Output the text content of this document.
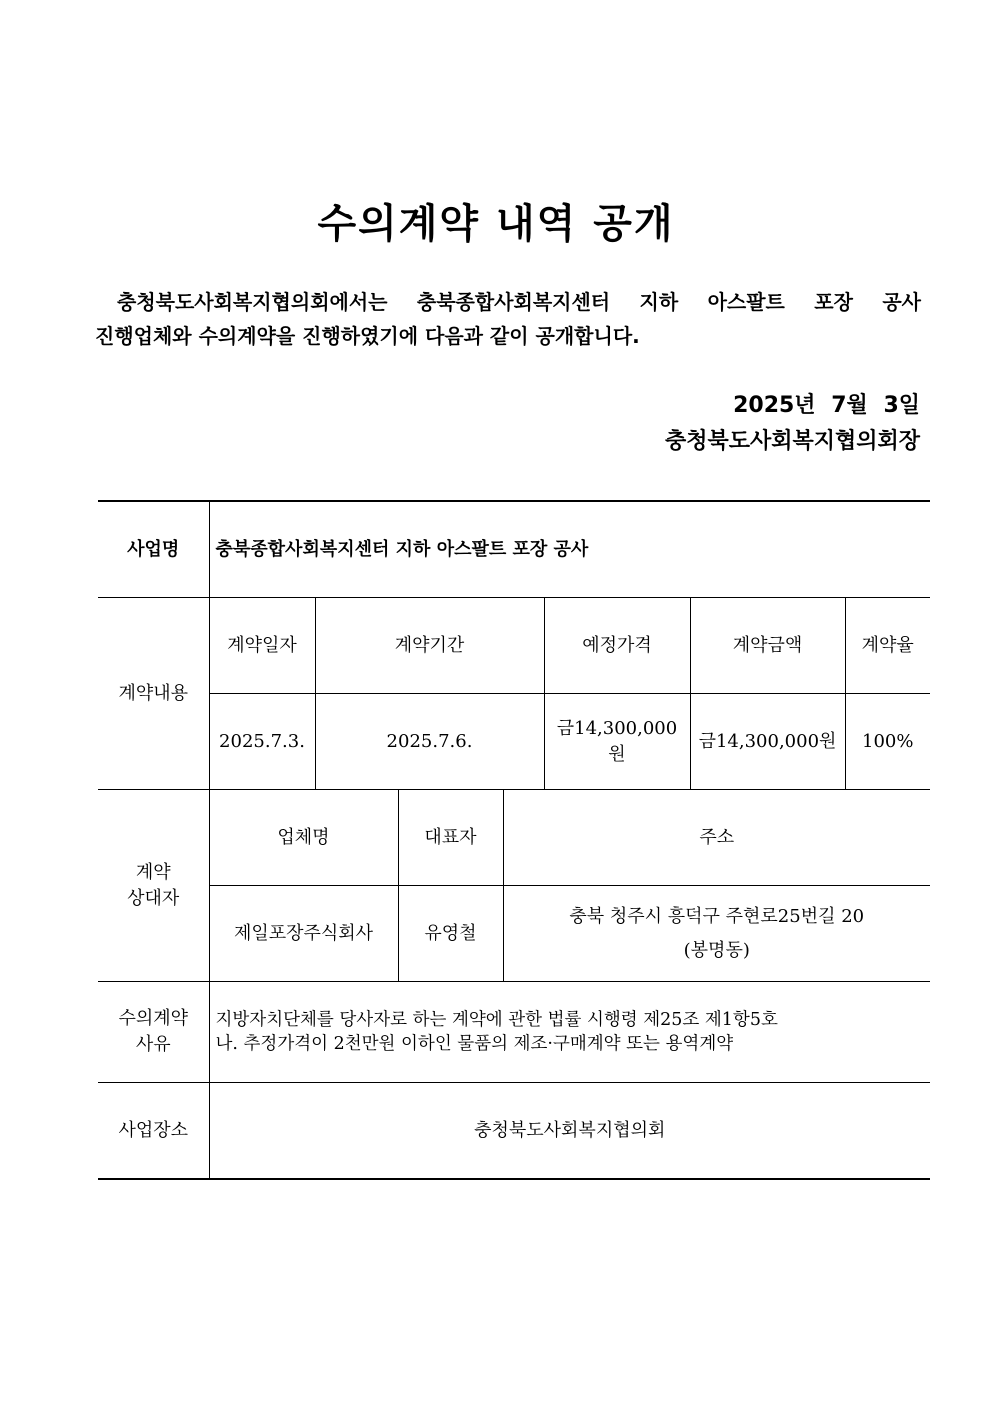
수의계약 내역 공개
충청북도사회복지협의회에서는 충북종합사회복지센터 지하 아스팔트 포장 공사
진행업체와 수의계약을 진행하였기에 다음과 같이 공개합니다.
2025년 7월 3일
충청북도사회복지협의회장
사업명	충북종합사회복지센터 지하 아스팔트 포장 공사						
계약내용	계약일자	계약기간			예정가격	계약금액	계약율
	2025.7.3.	2025.7.6.			금14,300,000원	금14,300,000원	100%
계약
상대자	업체명		대표자	주소			
	제일포장주식회사		유영철	충북 청주시 흥덕구 주현로25번길 20
(봉명동)			
수의계약
사유	지방자치단체를 당사자로 하는 계약에 관한 법률 시행령 제25조 제1항5호
나. 추정가격이 2천만원 이하인 물품의 제조·구매계약 또는 용역계약						
사업장소	충청북도사회복지협의회						
